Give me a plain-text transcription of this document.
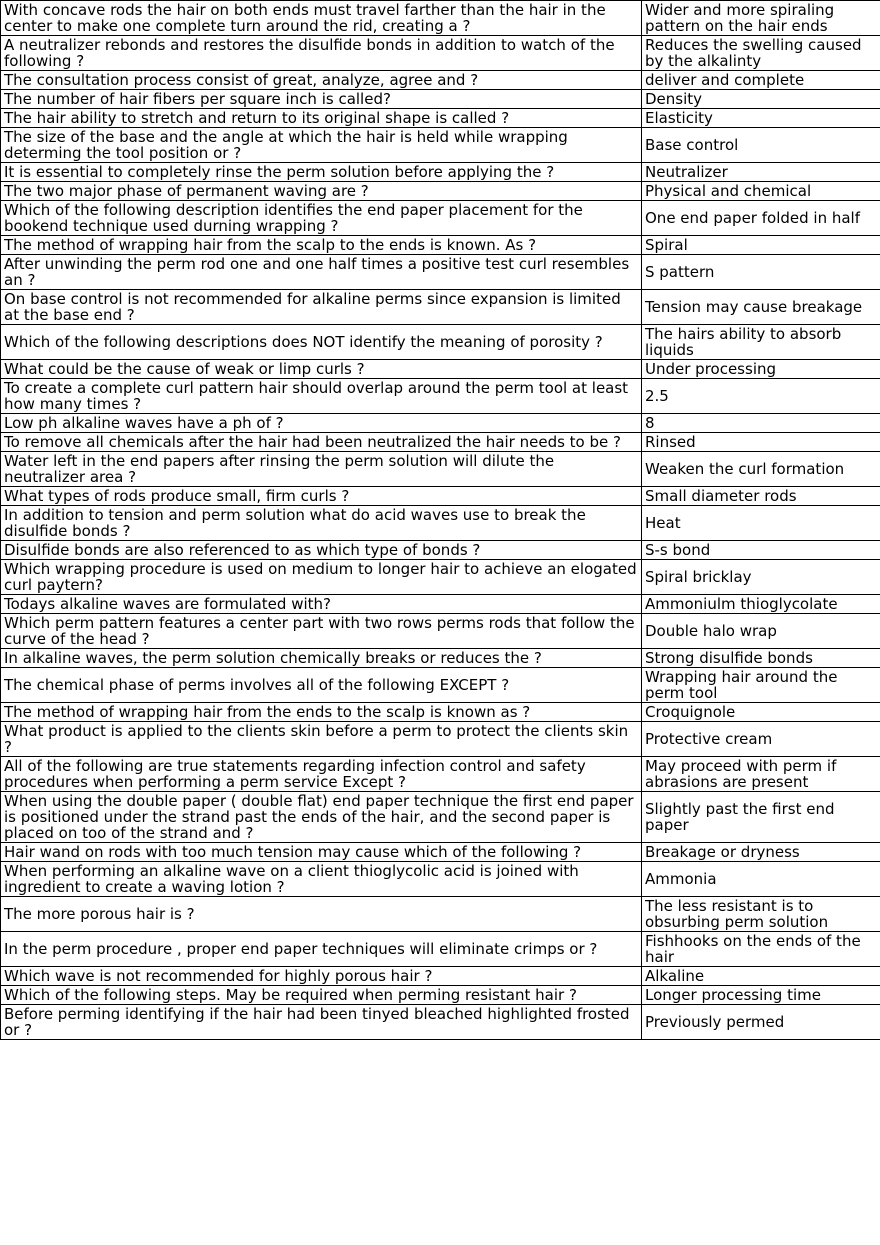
With concave rods the hair on both ends must travel farther than the hair in the center to make one complete turn around the rid, creating a ?	Wider and more spiraling pattern on the hair ends
A neutralizer rebonds and restores the disulfide bonds in addition to watch of the following ?	Reduces the swelling caused by the alkalinty
The consultation process consist of great, analyze, agree and ?	deliver and complete
The number of hair fibers per square inch is called?	Density
The hair ability to stretch and return to its original shape is called ?	Elasticity
The size of the base and the angle at which the hair is held while wrapping determing the tool position or ?	Base control
It is essential to completely rinse the perm solution before applying the ?	Neutralizer
The two major phase of permanent waving are ?	Physical and chemical
Which of the following description identifies the end paper placement for the bookend technique used durning wrapping ?	One end paper folded in half
The method of wrapping hair from the scalp to the ends is known. As ?	Spiral
After unwinding the perm rod one and one half times a positive test curl resembles an ?	S pattern
On base control is not recommended for alkaline perms since expansion is limited at the base end ?	Tension may cause breakage
Which of the following descriptions does NOT identify the meaning of porosity ?	The hairs ability to absorb liquids
What could be the cause of weak or limp curls ?	Under processing
To create a complete curl pattern hair should overlap around the perm tool at least how many times ?	2.5
Low ph alkaline waves have a ph of ?	8
To remove all chemicals after the hair had been neutralized the hair needs to be ?	Rinsed
Water left in the end papers after rinsing the perm solution will dilute the neutralizer area ?	Weaken the curl formation
What types of rods produce small, firm curls ?	Small diameter rods
In addition to tension and perm solution what do acid waves use to break the disulfide bonds ?	Heat
Disulfide bonds are also referenced to as which type of bonds ?	S-s bond
Which wrapping procedure is used on medium to longer hair to achieve an elogated curl paytern?	Spiral bricklay
Todays alkaline waves are formulated with?	Ammoniulm thioglycolate
Which perm pattern features a center part with two rows perms rods that follow the curve of the head ?	Double halo wrap
In alkaline waves, the perm solution chemically breaks or reduces the ?	Strong disulfide bonds
The chemical phase of perms involves all of the following EXCEPT ?	Wrapping hair around the perm tool
The method of wrapping hair from the ends to the scalp is known as ?	Croquignole
What product is applied to the clients skin before a perm to protect the clients skin ?	Protective cream
All of the following are true statements regarding infection control and safety procedures when performing a perm service Except ?	May proceed with perm if abrasions are present
When using the double paper ( double flat) end paper technique the first end paper is positioned under the strand past the ends of the hair, and the second paper is placed on too of the strand and ?	Slightly past the first end paper
Hair wand on rods with too much tension may cause which of the following ?	Breakage or dryness
When performing an alkaline wave on a client thioglycolic acid is joined with ingredient to create a waving lotion ?	Ammonia
The more porous hair is ?	The less resistant is to obsurbing perm solution
In the perm procedure , proper end paper techniques will eliminate crimps or ?	Fishhooks on the ends of the hair
Which wave is not recommended for highly porous hair ?	Alkaline
Which of the following steps. May be required when perming resistant hair ?	Longer processing time
Before perming identifying if the hair had been tinyed bleached highlighted frosted or ?	Previously permed
